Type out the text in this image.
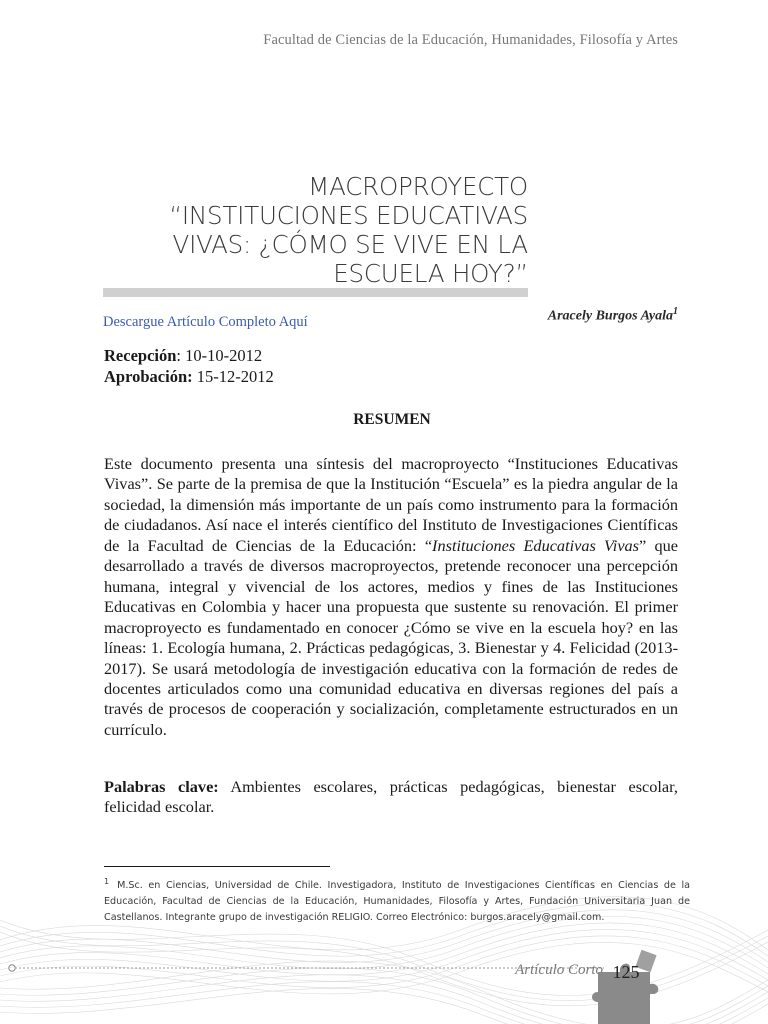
Facultad de Ciencias de la Educación, Humanidades, Filosofía y Artes
MACROPROYECTO
“INSTITUCIONES EDUCATIVAS
VIVAS: ¿CÓMO SE VIVE EN LA
ESCUELA HOY?”
Descargue Artículo Completo Aquí	Aracely Burgos Ayala$^1$
Recepción: 10-10-2012
Aprobación: 15-12-2012
RESUMEN

Este documento presenta una síntesis del macroproyecto “Instituciones Educativas Vivas”. Se parte de la premisa de que la Institución “Escuela” es la piedra angular de la sociedad, la dimensión más importante de un país como instrumento para la formación de ciudadanos. Así nace el interés científico del Instituto de Investigaciones Científicas de la Facultad de Ciencias de la Educación: “Instituciones Educativas Vivas” que desarrollado a través de diversos macroproyectos, pretende reconocer una percepción humana, integral y vivencial de los actores, medios y fines de las Instituciones Educativas en Colombia y hacer una propuesta que sustente su renovación. El primer macroproyecto es fundamentado en conocer ¿Cómo se vive en la escuela hoy? en las líneas: 1. Ecología humana, 2. Prácticas pedagógicas, 3. Bienestar y 4. Felicidad (2013-2017). Se usará metodología de investigación educativa con la formación de redes de docentes articulados como una comunidad educativa en diversas regiones del país a través de procesos de cooperación y socialización, completamente estructurados en un currículo.

Palabras clave: Ambientes escolares, prácticas pedagógicas, bienestar escolar, felicidad escolar.

$^1$ M.Sc. en Ciencias, Universidad de Chile. Investigadora, Instituto de Investigaciones Científicas en Ciencias de la Educación, Facultad de Ciencias de la Educación, Humanidades, Filosofía y Artes, Fundación Universitaria Juan de Castellanos. Integrante grupo de investigación RELIGIO. Correo Electrónico: burgos.aracely@gmail.com.

Artículo Corto 125
